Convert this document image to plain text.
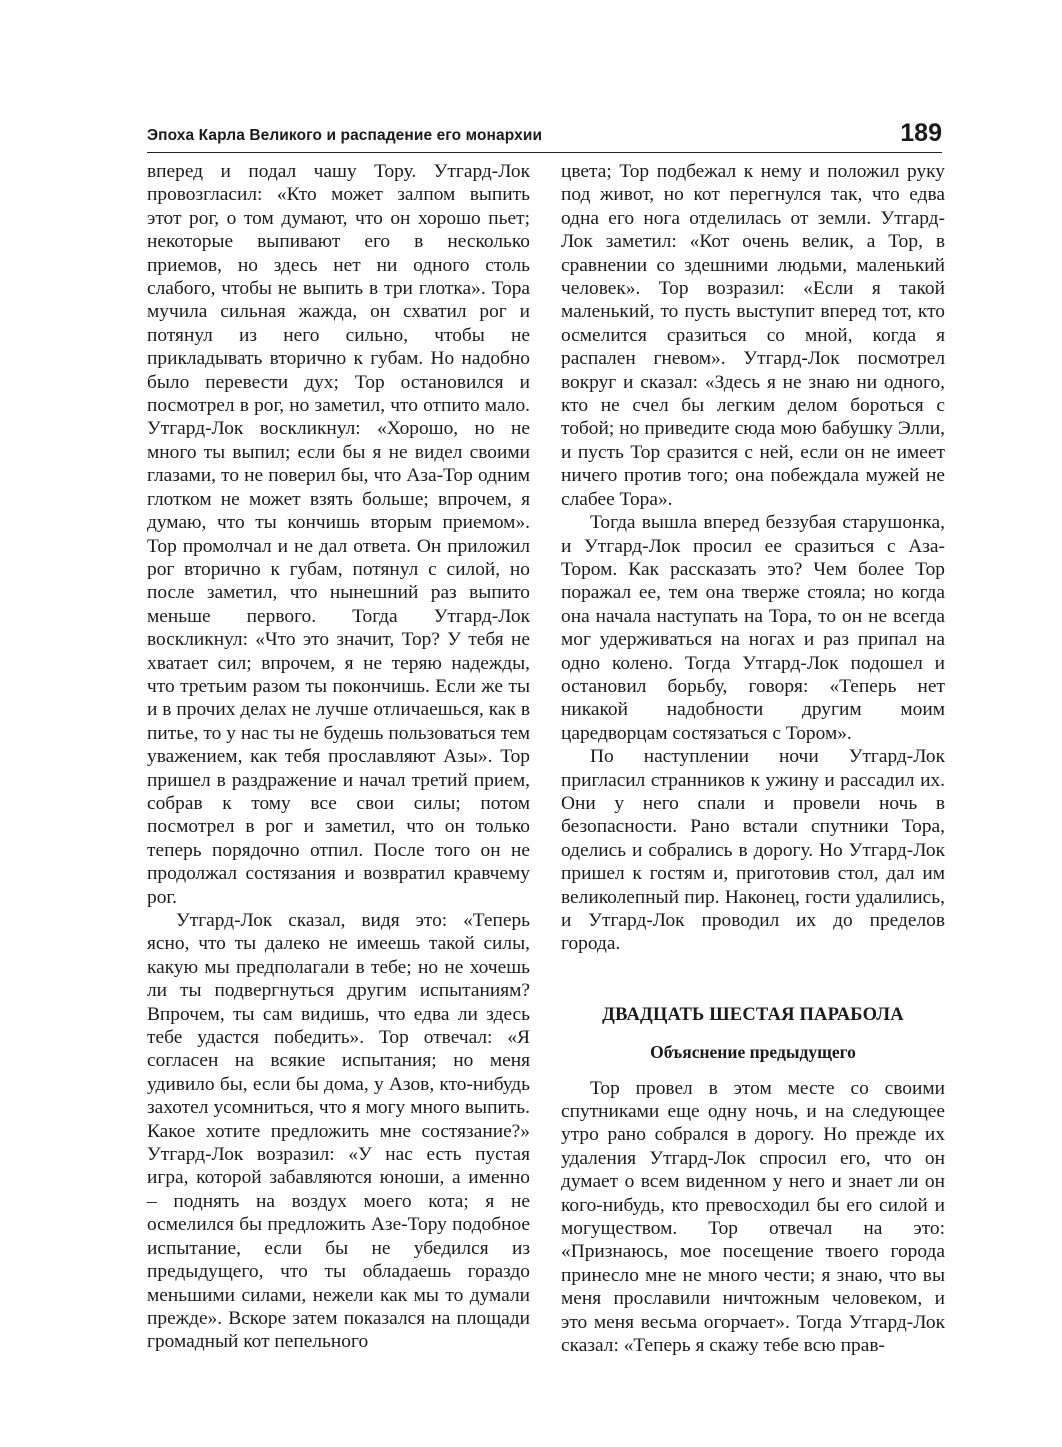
Эпоха Карла Великого и распадение его монархии	189

вперед и подал чашу Тору. Утгард-Лок провозгласил: «Кто может залпом выпить этот рог, о том думают, что он хорошо пьет; некоторые выпивают его в несколько приемов, но здесь нет ни одного столь слабого, чтобы не выпить в три глотка». Тора мучила сильная жажда, он схватил рог и потянул из него сильно, чтобы не прикладывать вторично к губам. Но надобно было перевести дух; Тор остановился и посмотрел в рог, но заметил, что отпито мало. Утгард-Лок воскликнул: «Хорошо, но не много ты выпил; если бы я не видел своими глазами, то не поверил бы, что Аза-Тор одним глотком не может взять больше; впрочем, я думаю, что ты кончишь вторым приемом». Тор промолчал и не дал ответа. Он приложил рог вторично к губам, потянул с силой, но после заметил, что нынешний раз выпито меньше первого. Тогда Утгард-Лок воскликнул: «Что это значит, Тор? У тебя не хватает сил; впрочем, я не теряю надежды, что третьим разом ты покончишь. Если же ты и в прочих делах не лучше отличаешься, как в питье, то у нас ты не будешь пользоваться тем уважением, как тебя прославляют Азы». Тор пришел в раздражение и начал третий прием, собрав к тому все свои силы; потом посмотрел в рог и заметил, что он только теперь порядочно отпил. После того он не продолжал состязания и возвратил кравчему рог.

Утгард-Лок сказал, видя это: «Теперь ясно, что ты далеко не имеешь такой силы, какую мы предполагали в тебе; но не хочешь ли ты подвергнуться другим испытаниям? Впрочем, ты сам видишь, что едва ли здесь тебе удастся победить». Тор отвечал: «Я согласен на всякие испытания; но меня удивило бы, если бы дома, у Азов, кто-нибудь захотел усомниться, что я могу много выпить. Какое хотите предложить мне состязание?» Утгард-Лок возразил: «У нас есть пустая игра, которой забавляются юноши, а именно – поднять на воздух моего кота; я не осмелился бы предложить Азе-Тору подобное испытание, если бы не убедился из предыдущего, что ты обладаешь гораздо меньшими силами, нежели как мы то думали прежде». Вскоре затем показался на площади громадный кот пепельного

цвета; Тор подбежал к нему и положил руку под живот, но кот перегнулся так, что едва одна его нога отделилась от земли. Утгард-Лок заметил: «Кот очень велик, а Тор, в сравнении со здешними людьми, маленький человек». Тор возразил: «Если я такой маленький, то пусть выступит вперед тот, кто осмелится сразиться со мной, когда я распален гневом». Утгард-Лок посмотрел вокруг и сказал: «Здесь я не знаю ни одного, кто не счел бы легким делом бороться с тобой; но приведите сюда мою бабушку Элли, и пусть Тор сразится с ней, если он не имеет ничего против того; она побеждала мужей не слабее Тора».

Тогда вышла вперед беззубая старушонка, и Утгард-Лок просил ее сразиться с Аза-Тором. Как рассказать это? Чем более Тор поражал ее, тем она тверже стояла; но когда она начала наступать на Тора, то он не всегда мог удерживаться на ногах и раз припал на одно колено. Тогда Утгард-Лок подошел и остановил борьбу, говоря: «Теперь нет никакой надобности другим моим царедворцам состязаться с Тором».

По наступлении ночи Утгард-Лок пригласил странников к ужину и рассадил их. Они у него спали и провели ночь в безопасности. Рано встали спутники Тора, оделись и собрались в дорогу. Но Утгард-Лок пришел к гостям и, приготовив стол, дал им великолепный пир. Наконец, гости удалились, и Утгард-Лок проводил их до пределов города.

ДВАДЦАТЬ ШЕСТАЯ ПАРАБОЛА
Объяснение предыдущего

Тор провел в этом месте со своими спутниками еще одну ночь, и на следующее утро рано собрался в дорогу. Но прежде их удаления Утгард-Лок спросил его, что он думает о всем виденном у него и знает ли он кого-нибудь, кто превосходил бы его силой и могуществом. Тор отвечал на это: «Признаюсь, мое посещение твоего города принесло мне не много чести; я знаю, что вы меня прославили ничтожным человеком, и это меня весьма огорчает». Тогда Утгард-Лок сказал: «Теперь я скажу тебе всю прав-
